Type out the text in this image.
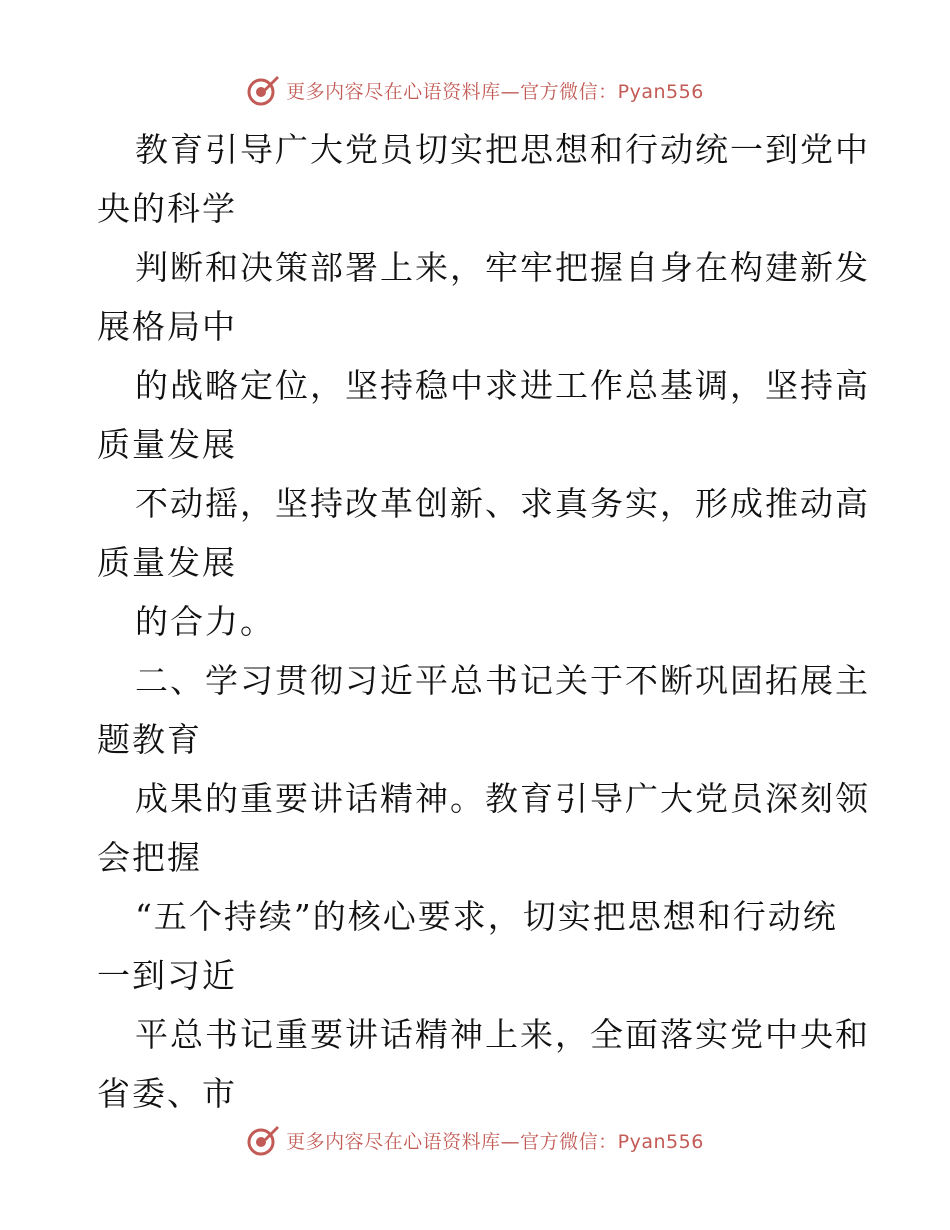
更多内容尽在心语资料库—官方微信：Pyan556
教育引导广大党员切实把思想和行动统一到党中
央的科学
判断和决策部署上来，牢牢把握自身在构建新发
展格局中
的战略定位，坚持稳中求进工作总基调，坚持高
质量发展
不动摇，坚持改革创新、求真务实，形成推动高
质量发展
的合力。
二、学习贯彻习近平总书记关于不断巩固拓展主
题教育
成果的重要讲话精神。教育引导广大党员深刻领
会把握
“五个持续”的核心要求，切实把思想和行动统
一到习近
平总书记重要讲话精神上来，全面落实党中央和
省委、市
更多内容尽在心语资料库—官方微信：Pyan556
